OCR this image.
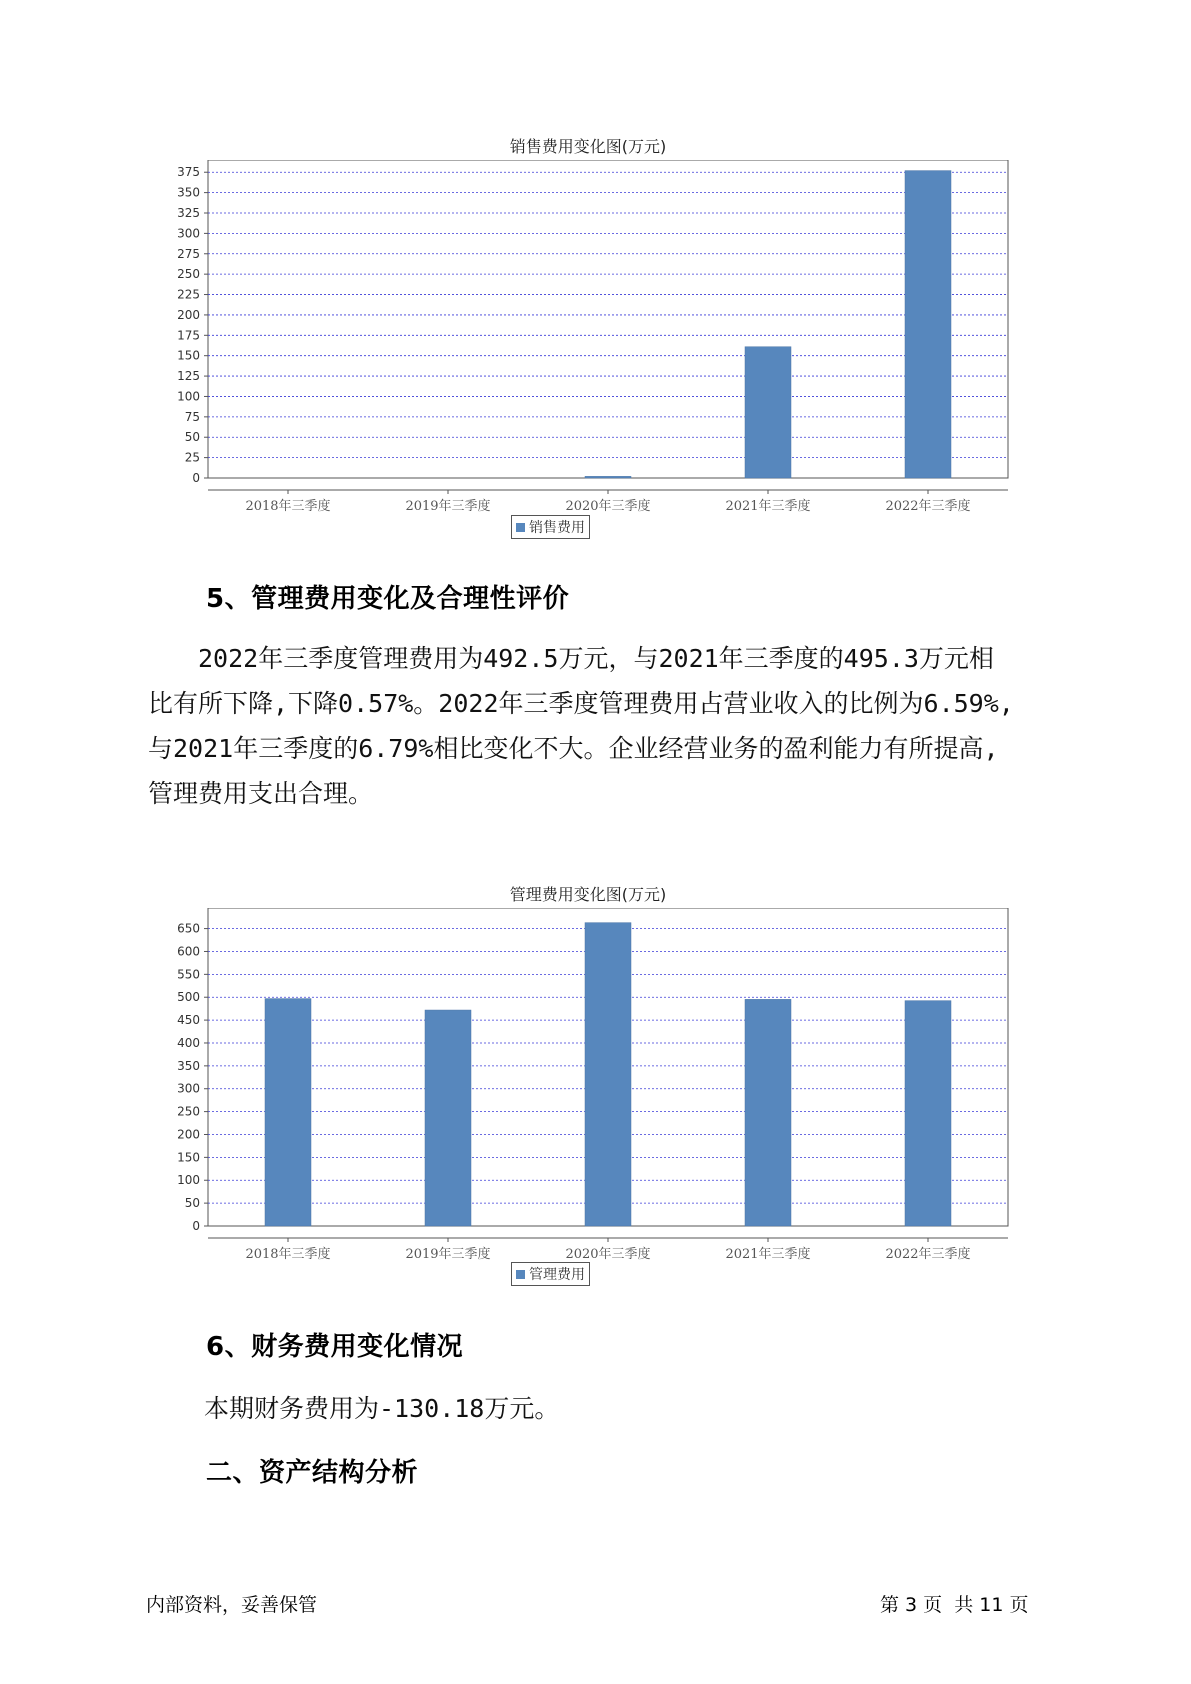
销售费用变化图(万元)
0
25
50
75
100
125
150
175
200
225
250
275
300
325
350
375
2018年三季度	2019年三季度	2020年三季度	2021年三季度	2022年三季度
销售费用
5、管理费用变化及合理性评价
2022年三季度管理费用为492.5万元，与2021年三季度的495.3万元相
比有所下降,下降0.57%。2022年三季度管理费用占营业收入的比例为6.59%,
与2021年三季度的6.79%相比变化不大。企业经营业务的盈利能力有所提高,
管理费用支出合理。
管理费用变化图(万元)
0
50
100
150
200
250
300
350
400
450
500
550
600
650
2018年三季度	2019年三季度	2020年三季度	2021年三季度	2022年三季度
管理费用
6、财务费用变化情况
本期财务费用为-130.18万元。
二、资产结构分析
内部资料，妥善保管	第 3 页  共 11 页
